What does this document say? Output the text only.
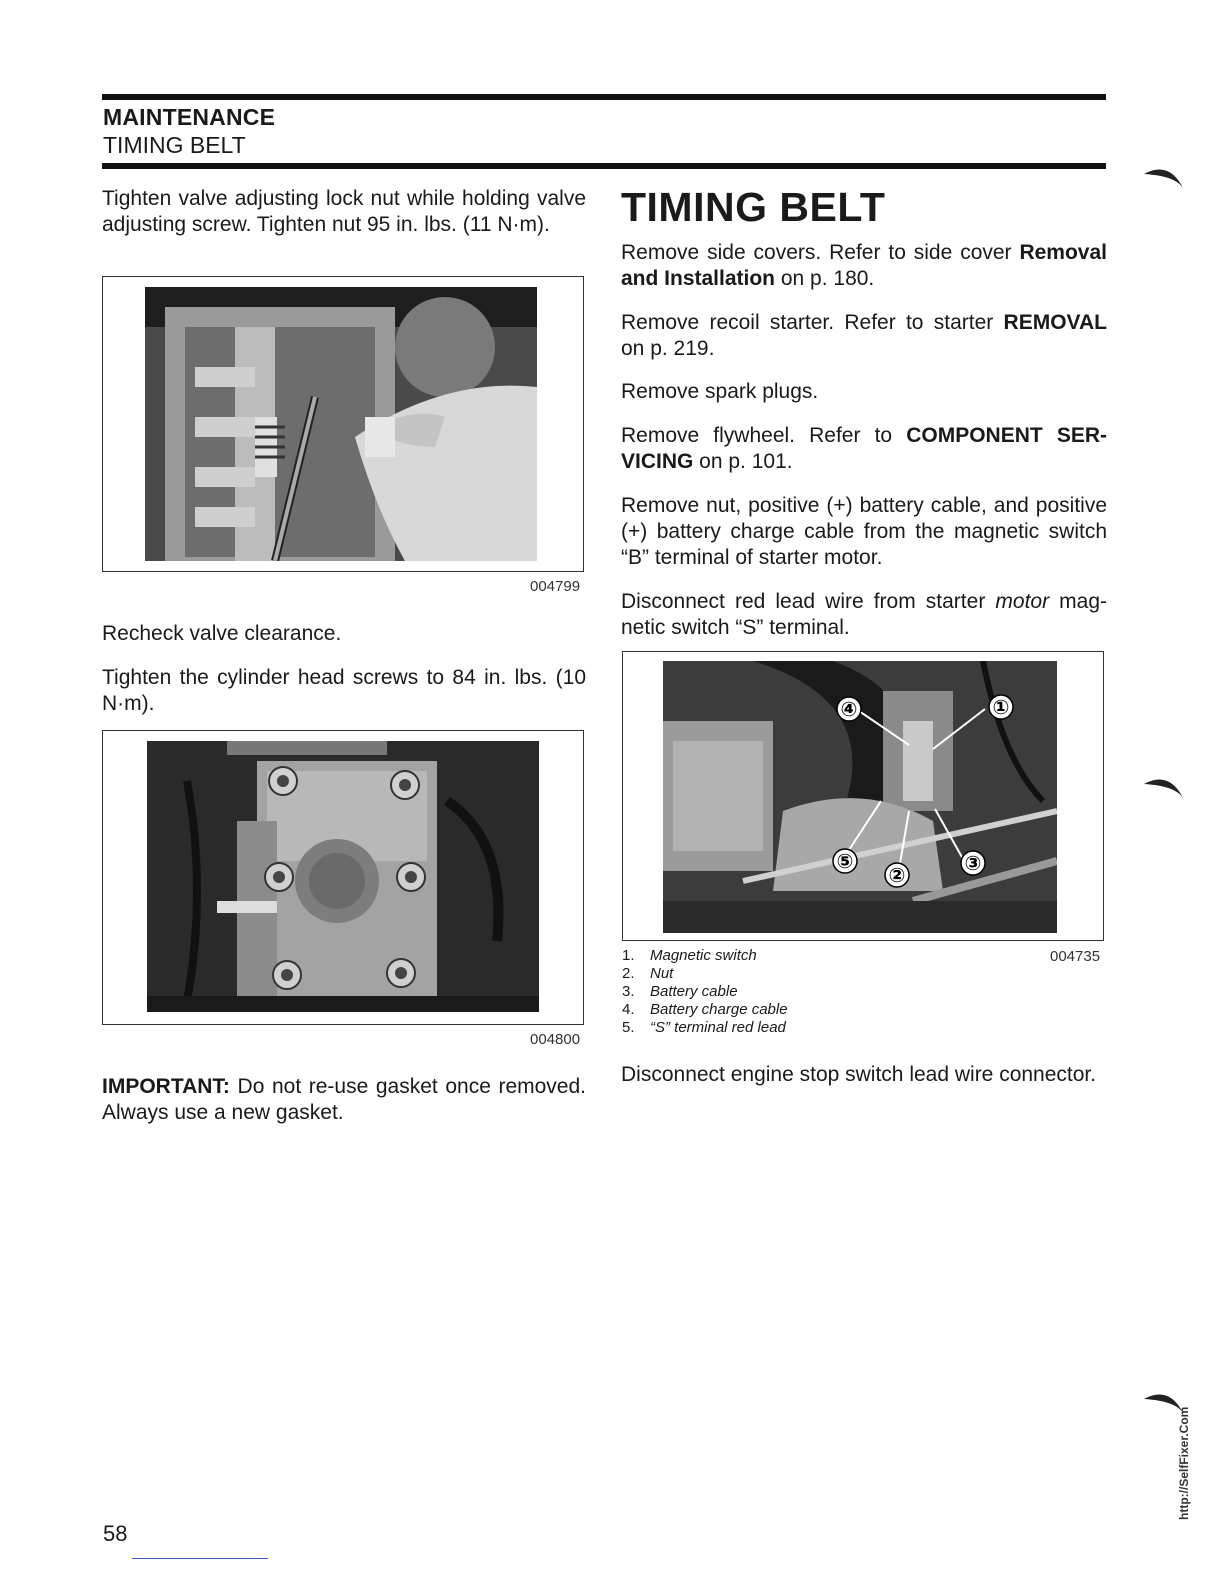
MAINTENANCE
TIMING BELT

Tighten valve adjusting lock nut while holding valve adjusting screw. Tighten nut 95 in. lbs. (11 N·m).

004799

Recheck valve clearance.

Tighten the cylinder head screws to 84 in. lbs. (10 N·m).

004800

IMPORTANT: Do not re-use gasket once removed. Always use a new gasket.

TIMING BELT

Remove side covers. Refer to side cover Removal and Installation on p. 180.

Remove recoil starter. Refer to starter REMOVAL on p. 219.

Remove spark plugs.

Remove flywheel. Refer to COMPONENT SERVICING on p. 101.

Remove nut, positive (+) battery cable, and positive (+) battery charge cable from the magnetic switch “B” terminal of starter motor.

Disconnect red lead wire from starter motor magnetic switch “S” terminal.

④	①
⑤
②	③
004735
1.	Magnetic switch
2.	Nut
3.	Battery cable
4.	Battery charge cable
5.	“S” terminal red lead

Disconnect engine stop switch lead wire connector.

http://SelfFixer.Com
58
